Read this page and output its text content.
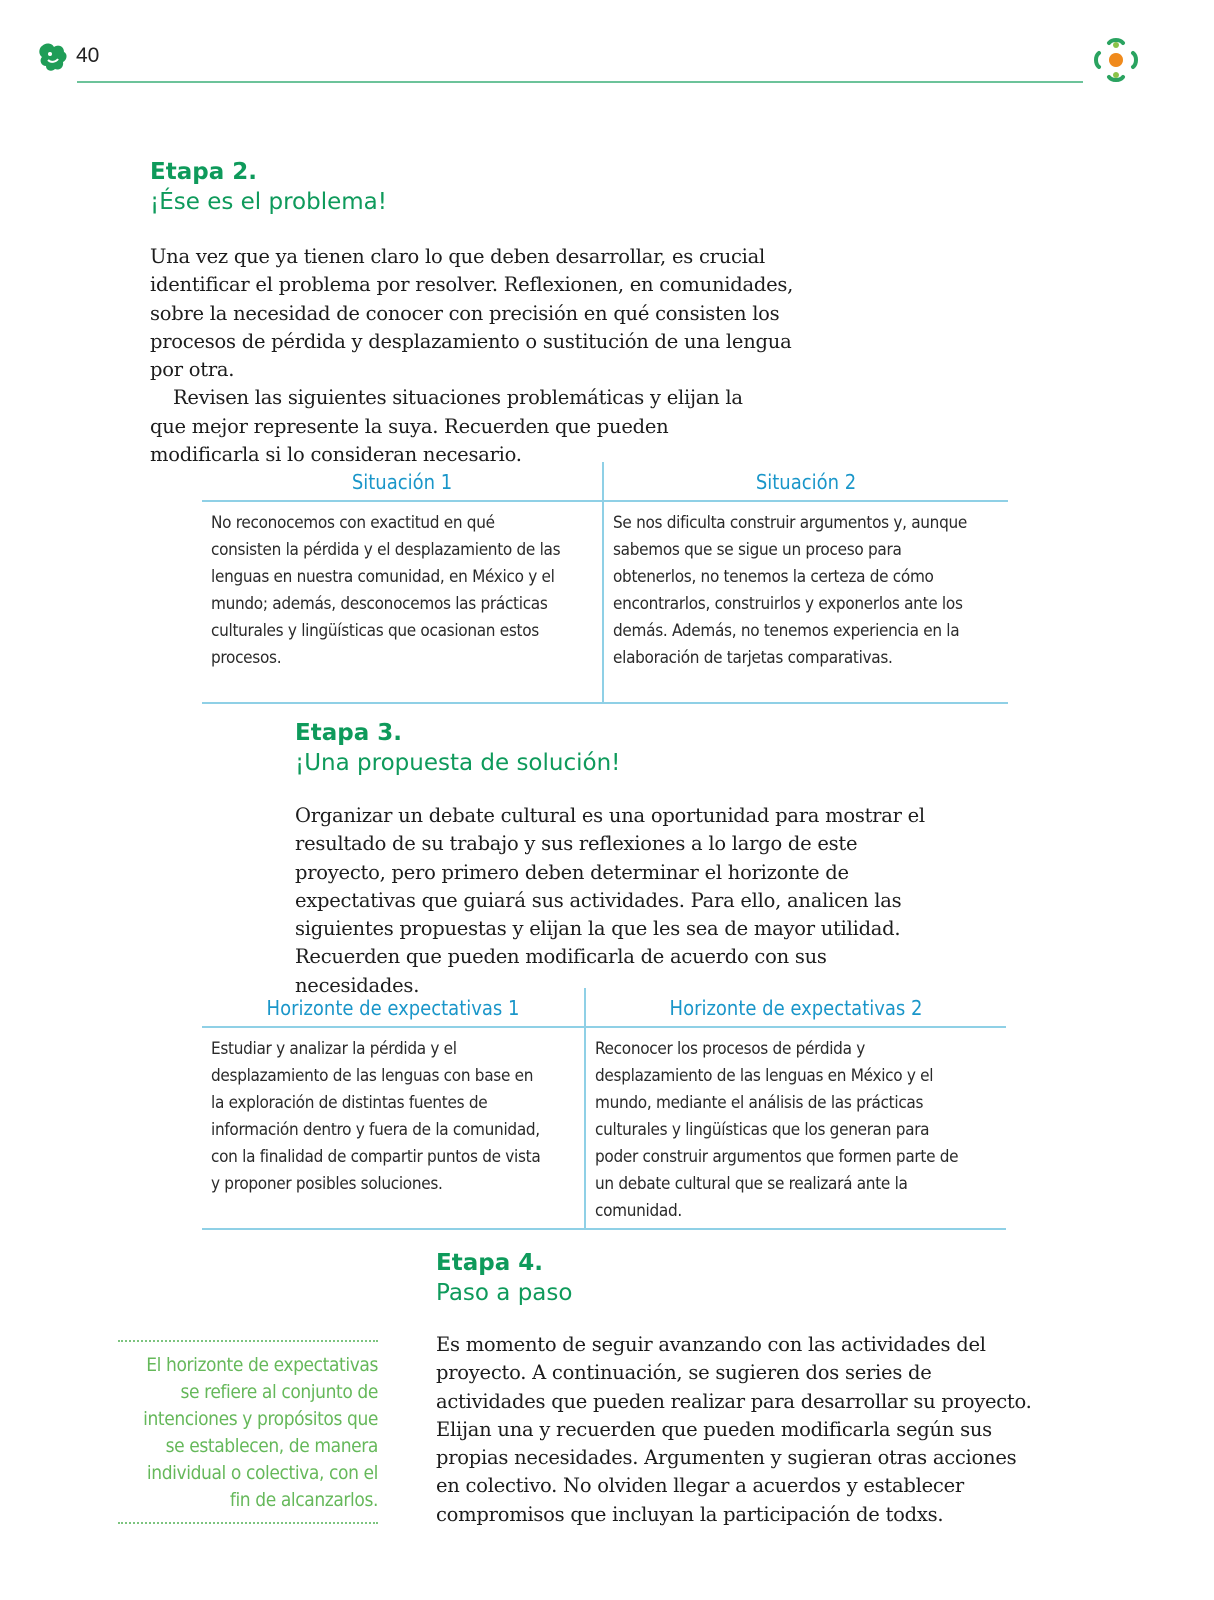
40

Etapa 2.

¡Ése es el problema!

Una vez que ya tienen claro lo que deben desarrollar, es crucial identificar el problema por resolver. Reflexionen, en comunidades, sobre la necesidad de conocer con precisión en qué consisten los procesos de pérdida y desplazamiento o sustitución de una lengua por otra.

Revisen las siguientes situaciones problemáticas y elijan la que mejor represente la suya. Recuerden que pueden modificarla si lo consideran necesario.

Situación 1
No reconocemos con exactitud en qué consisten la pérdida y el desplazamiento de las lenguas en nuestra comunidad, en México y el mundo; además, desconocemos las prácticas culturales y lingüísticas que ocasionan estos procesos.
Situación 2
Se nos dificulta construir argumentos y, aunque sabemos que se sigue un proceso para obtenerlos, no tenemos la certeza de cómo encontrarlos, construirlos y exponerlos ante los demás. Además, no tenemos experiencia en la elaboración de tarjetas comparativas.

Etapa 3.

¡Una propuesta de solución!

Organizar un debate cultural es una oportunidad para mostrar el resultado de su trabajo y sus reflexiones a lo largo de este proyecto, pero primero deben determinar el horizonte de expectativas que guiará sus actividades. Para ello, analicen las siguientes propuestas y elijan la que les sea de mayor utilidad. Recuerden que pueden modificarla de acuerdo con sus necesidades.

Horizonte de expectativas 1
Estudiar y analizar la pérdida y el desplazamiento de las lenguas con base en la exploración de distintas fuentes de información dentro y fuera de la comunidad, con la finalidad de compartir puntos de vista y proponer posibles soluciones.
Horizonte de expectativas 2
Reconocer los procesos de pérdida y desplazamiento de las lenguas en México y el mundo, mediante el análisis de las prácticas culturales y lingüísticas que los generan para poder construir argumentos que formen parte de un debate cultural que se realizará ante la comunidad.

Etapa 4.

Paso a paso

Es momento de seguir avanzando con las actividades del proyecto. A continuación, se sugieren dos series de actividades que pueden realizar para desarrollar su proyecto. Elijan una y recuerden que pueden modificarla según sus propias necesidades. Argumenten y sugieran otras acciones en colectivo. No olviden llegar a acuerdos y establecer compromisos que incluyan la participación de todxs.

El horizonte de expectativas se refiere al conjunto de intenciones y propósitos que se establecen, de manera individual o colectiva, con el fin de alcanzarlos.
